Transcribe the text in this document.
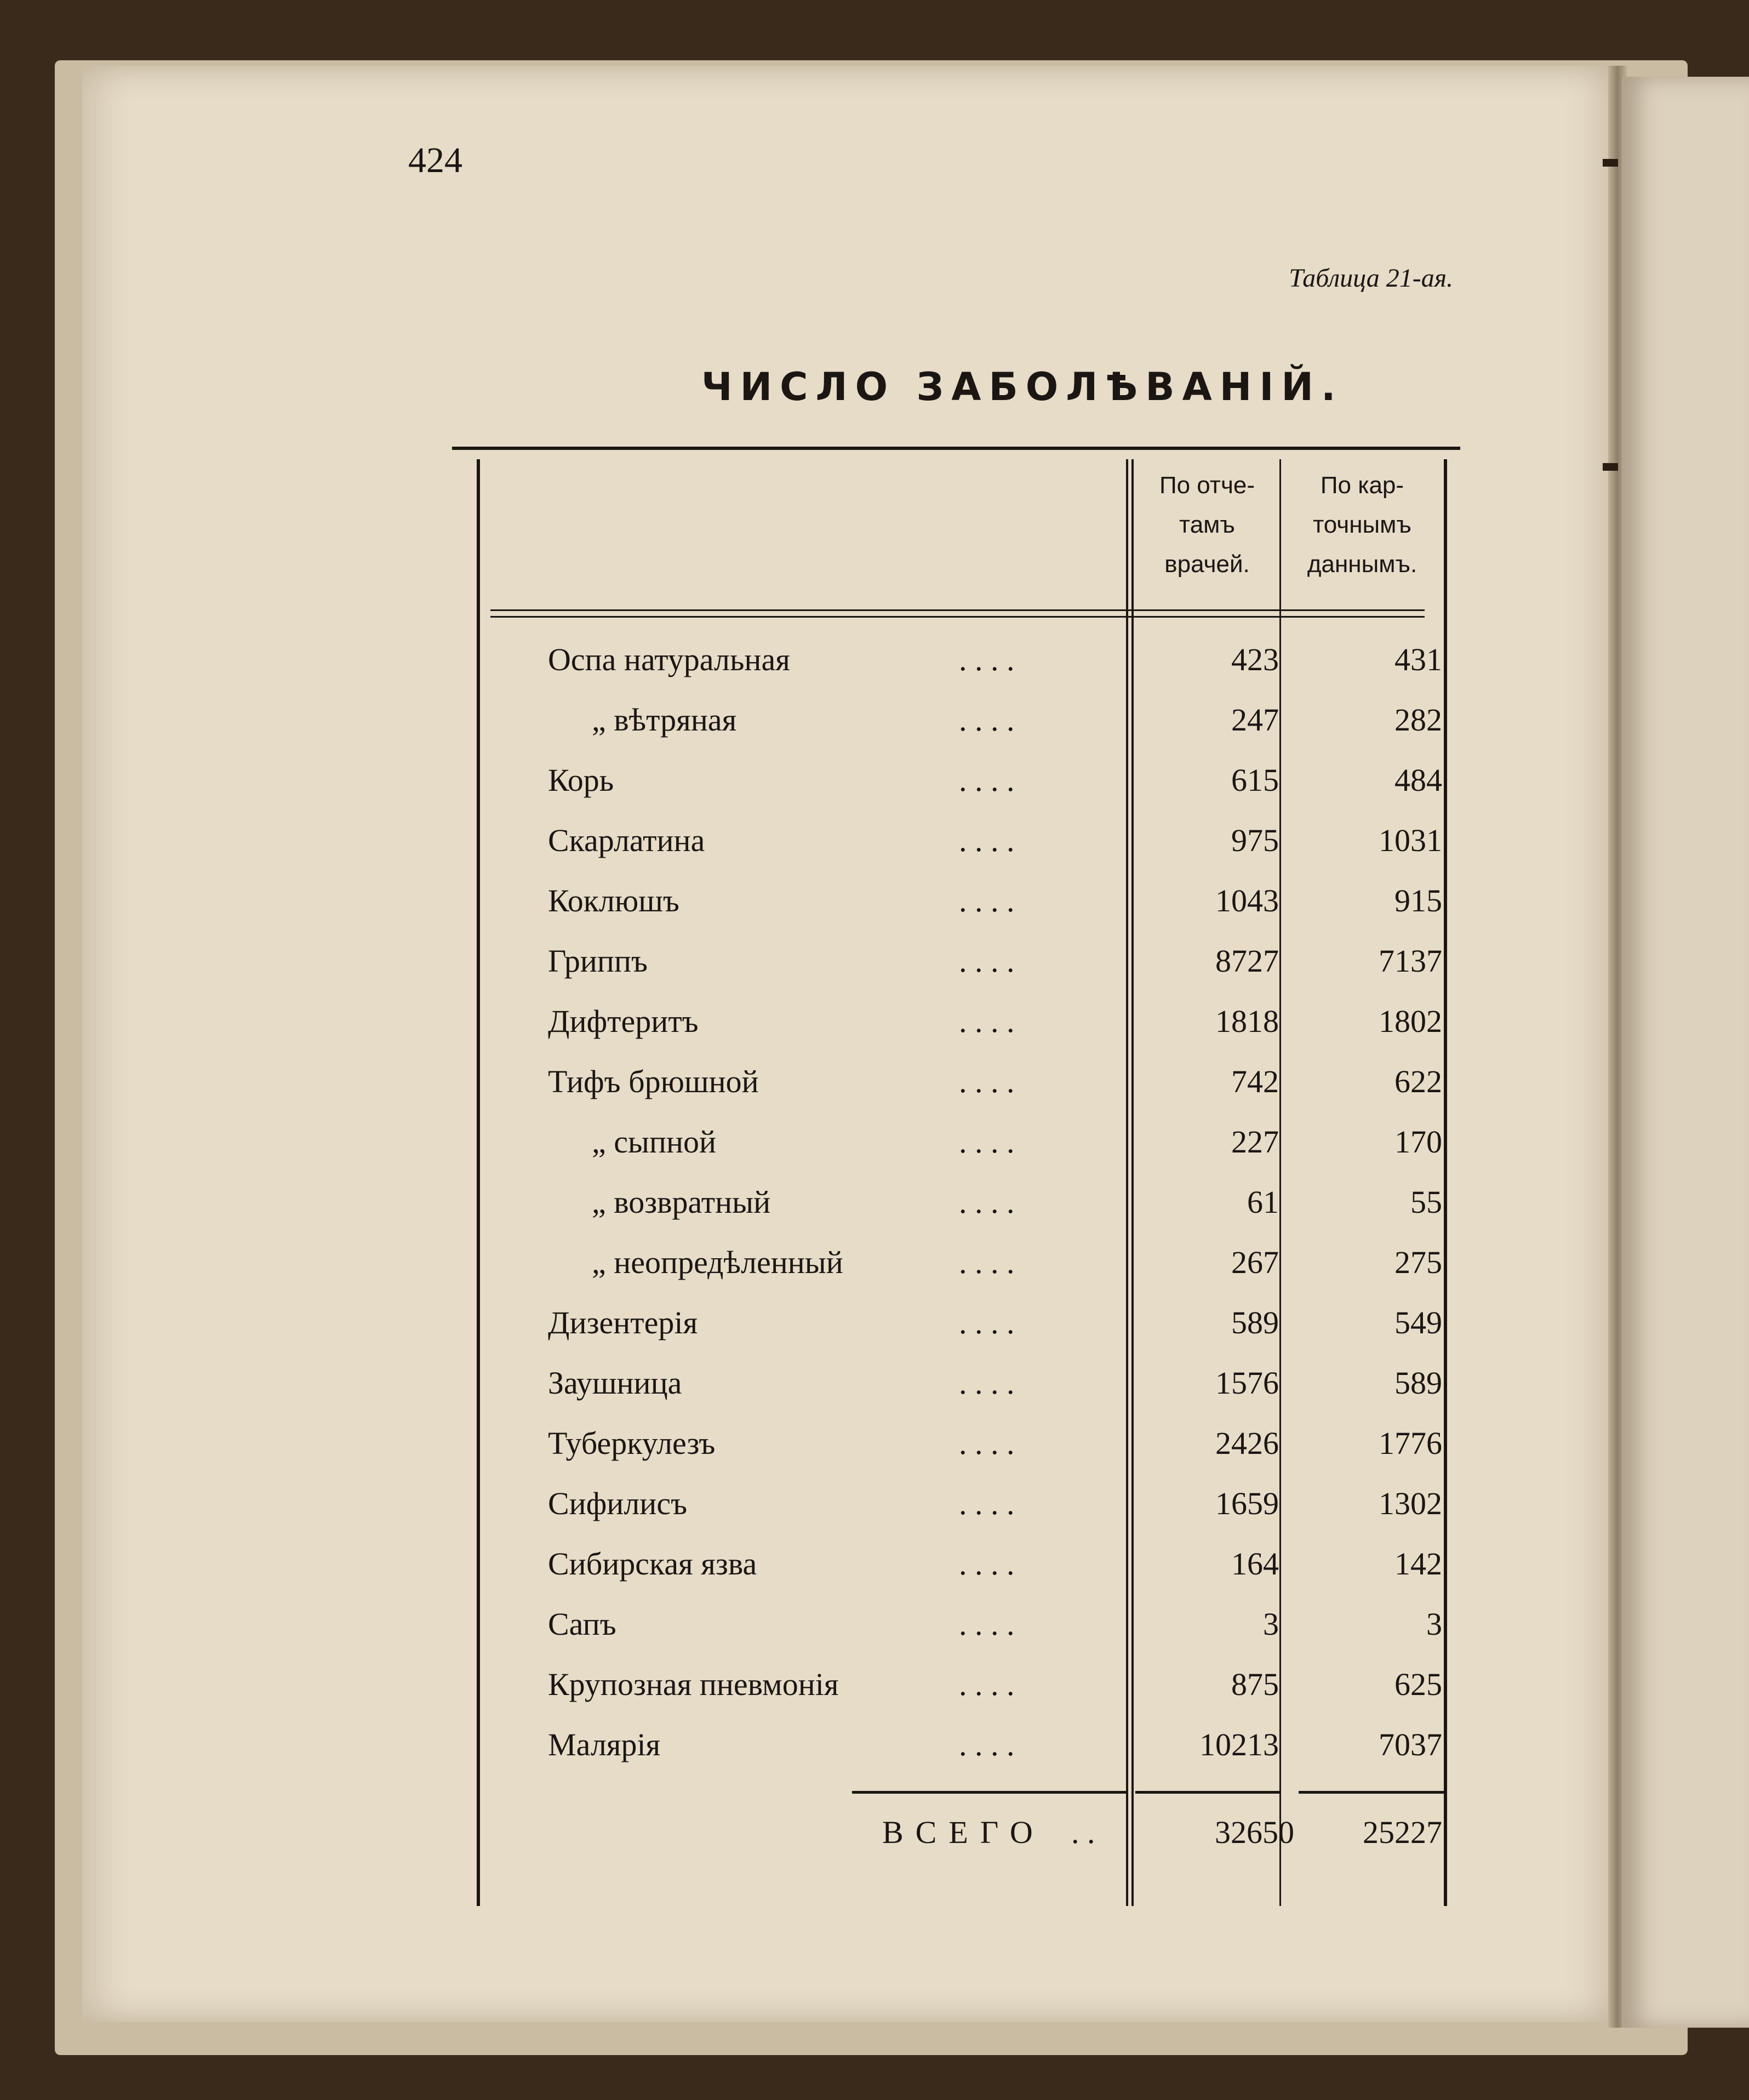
424
Таблица 21-ая.
ЧИСЛО ЗАБОЛѢВАНІЙ.
По отче-
тамъ
врачей.
По кар-
точнымъ
даннымъ.
Оспа натуральная	. . . .	423	431
„ вѣтряная	. . . .	247	282
Корь	. . . .	615	484
Скарлатина	. . . .	975	1031
Коклюшъ	. . . .	1043	915
Гриппъ	. . . .	8727	7137
Дифтеритъ	. . . .	1818	1802
Тифъ брюшной	. . . .	742	622
„ сыпной	. . . .	227	170
„ возвратный	. . . .	61	55
„ неопредѣленный	. . . .	267	275
Дизентерія	. . . .	589	549
Заушница	. . . .	1576	589
Туберкулезъ	. . . .	2426	1776
Сифилисъ	. . . .	1659	1302
Сибирская язва	. . . .	164	142
Сапъ	. . . .	3	3
Крупозная пневмонія	. . . .	875	625
Малярія	. . . .	10213	7037
ВСЕГО . .	32650	25227
